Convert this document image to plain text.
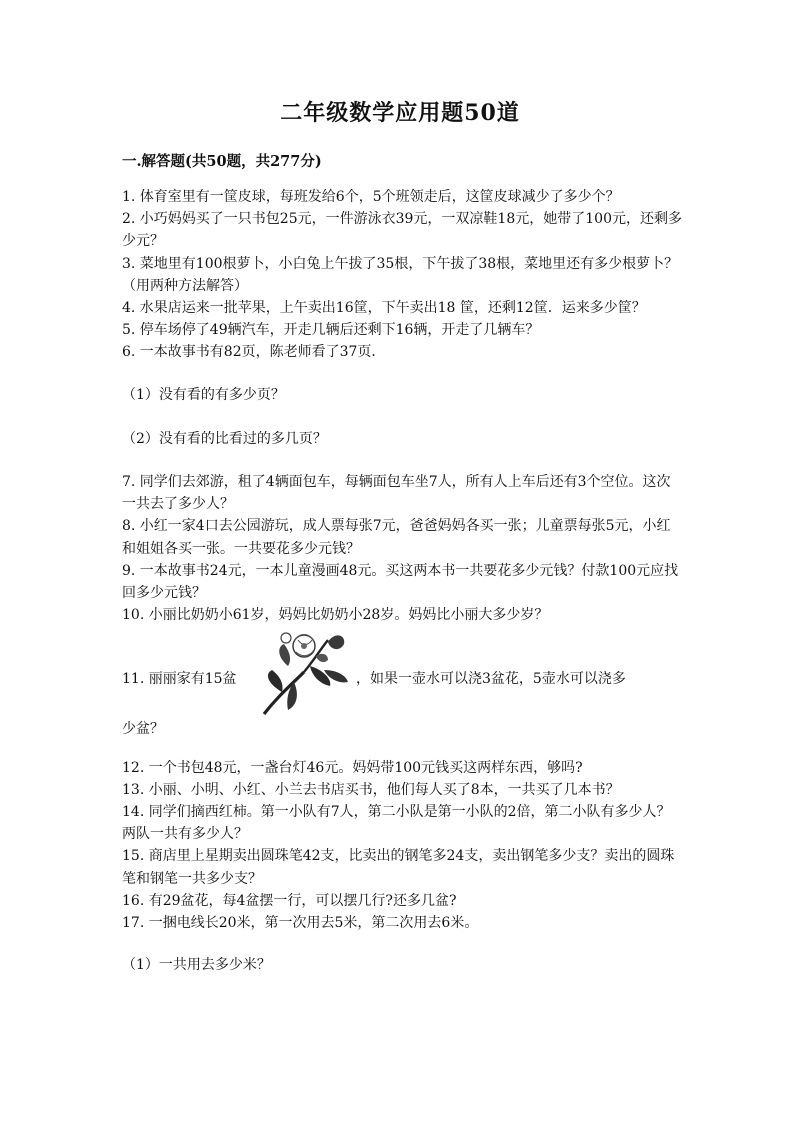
二年级数学应用题50道
一.解答题(共50题，共277分)

1. 体育室里有一筐皮球，每班发给6个，5个班领走后，这筐皮球减少了多少个？

2. 小巧妈妈买了一只书包25元，一件游泳衣39元，一双凉鞋18元，她带了100元，还剩多少元？

3. 菜地里有100根萝卜，小白兔上午拔了35根，下午拔了38根，菜地里还有多少根萝卜？（用两种方法解答）

4. 水果店运来一批苹果，上午卖出16筐，下午卖出18 筐，还剩12筐．运来多少筐？

5. 停车场停了49辆汽车，开走几辆后还剩下16辆，开走了几辆车？

6. 一本故事书有82页，陈老师看了37页．

（1）没有看的有多少页？

（2）没有看的比看过的多几页？

7. 同学们去郊游，租了4辆面包车，每辆面包车坐7人，所有人上车后还有3个空位。这次一共去了多少人？

8. 小红一家4口去公园游玩，成人票每张7元，爸爸妈妈各买一张；儿童票每张5元，小红和姐姐各买一张。一共要花多少元钱？

9. 一本故事书24元，一本儿童漫画48元。买这两本书一共要花多少元钱？付款100元应找回多少元钱？

10. 小丽比奶奶小61岁，妈妈比奶奶小28岁。妈妈比小丽大多少岁？

11. 丽丽家有15盆	，如果一壶水可以浇3盆花，5壶水可以浇多

少盆？

12. 一个书包48元，一盏台灯46元。妈妈带100元钱买这两样东西，够吗?

13. 小丽、小明、小红、小兰去书店买书，他们每人买了8本，一共买了几本书？

14. 同学们摘西红柿。第一小队有7人，第二小队是第一小队的2倍，第二小队有多少人？两队一共有多少人？

15. 商店里上星期卖出圆珠笔42支，比卖出的钢笔多24支，卖出钢笔多少支？卖出的圆珠笔和钢笔一共多少支？

16. 有29盆花，每4盆摆一行，可以摆几行?还多几盆?

17. 一捆电线长20米，第一次用去5米，第二次用去6米。

（1）一共用去多少米？
